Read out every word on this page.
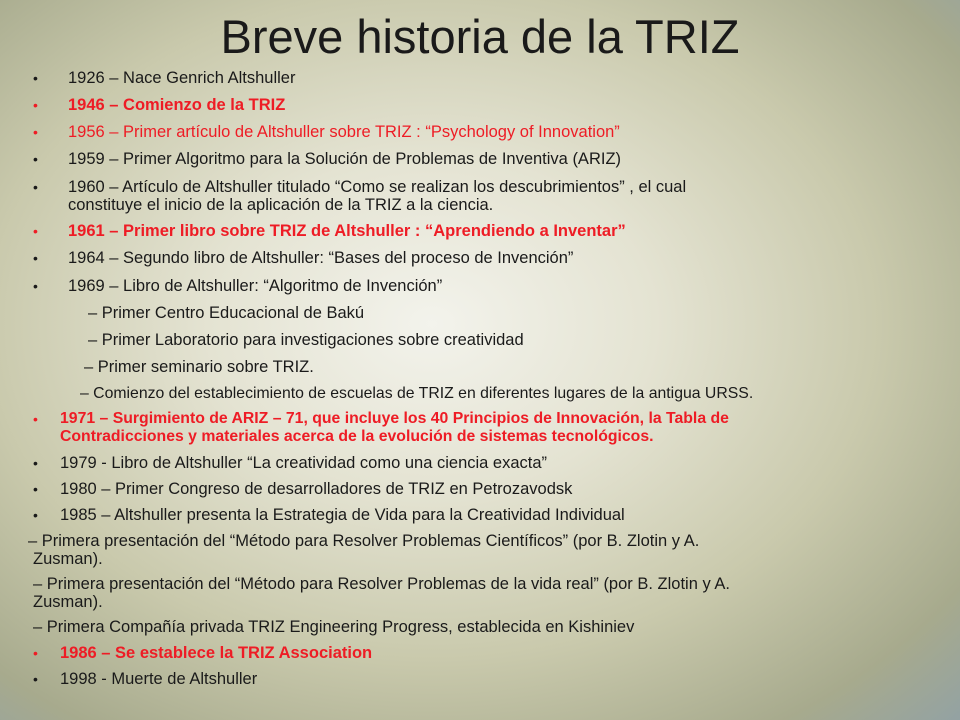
Breve historia de la TRIZ
•	1926 – Nace Genrich Altshuller
•	1946 – Comienzo de la TRIZ
•	1956 – Primer artículo de Altshuller sobre TRIZ : “Psychology of Innovation”
•	1959 – Primer Algoritmo para la Solución de Problemas de Inventiva (ARIZ)
•	1960 – Artículo de Altshuller titulado “Como se realizan los descubrimientos” , el cual
constituye el inicio de la aplicación de la TRIZ a la ciencia.
•	1961 – Primer libro sobre TRIZ de Altshuller : “Aprendiendo a Inventar”
•	1964 – Segundo libro de Altshuller: “Bases del proceso de Invención”
•	1969 – Libro de Altshuller: “Algoritmo de Invención”
– Primer Centro Educacional de Bakú
– Primer Laboratorio para investigaciones sobre creatividad
– Primer seminario sobre TRIZ.
– Comienzo del establecimiento de escuelas de TRIZ en diferentes lugares de la antigua URSS.
•	1971 – Surgimiento de ARIZ – 71, que incluye los 40 Principios de Innovación, la Tabla de
Contradicciones y materiales acerca de la evolución de sistemas tecnológicos.
•	1979 - Libro de Altshuller “La creatividad como una ciencia exacta”
•	1980 – Primer Congreso de desarrolladores de TRIZ en Petrozavodsk
•	1985 – Altshuller presenta la Estrategia de Vida para la Creatividad Individual
– Primera presentación del “Método para Resolver Problemas Científicos” (por B. Zlotin y A.
Zusman).
– Primera presentación del “Método para Resolver Problemas de la vida real” (por B. Zlotin y A.
Zusman).
– Primera Compañía privada TRIZ Engineering Progress, establecida en Kishiniev
•	1986 – Se establece la TRIZ Association
•	1998 - Muerte de Altshuller
